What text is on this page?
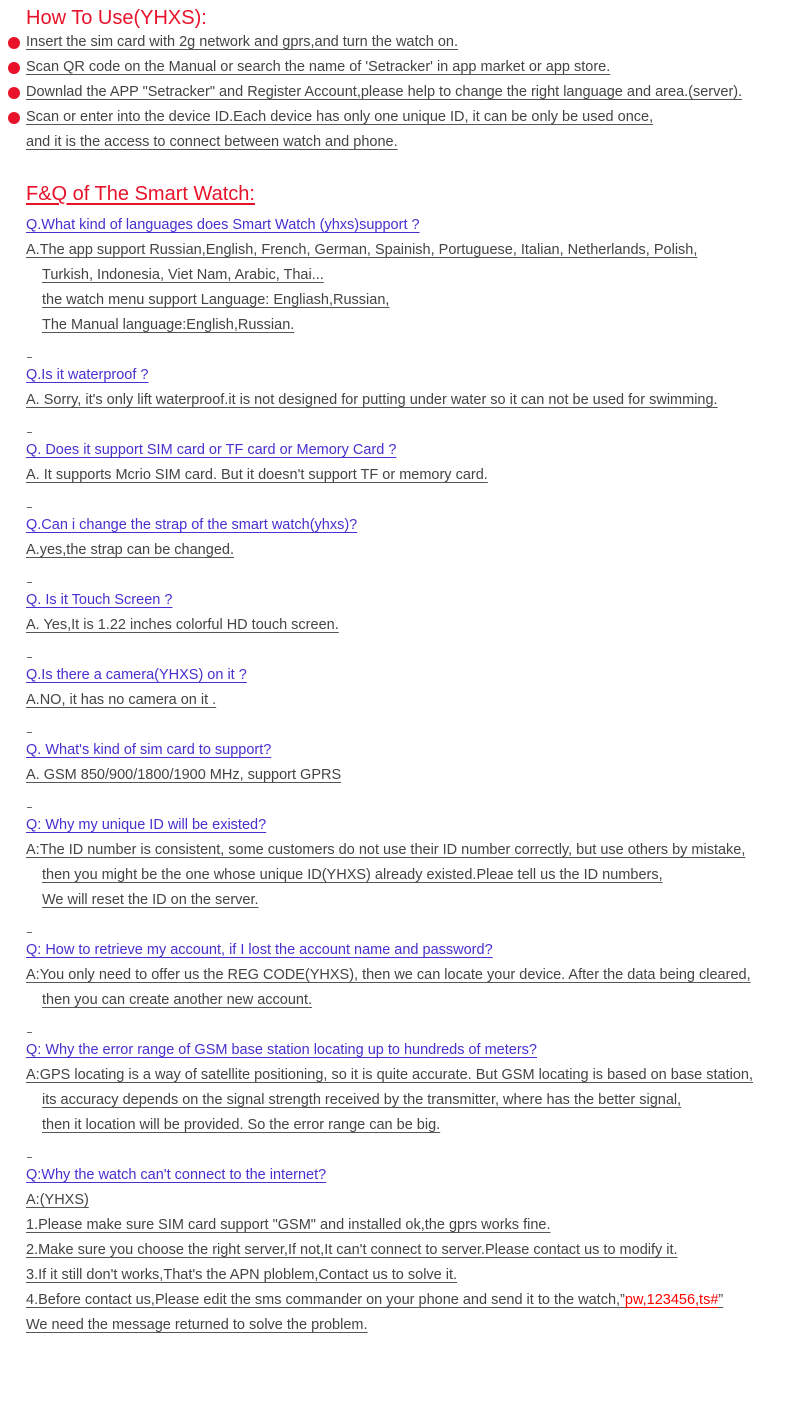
How To Use(YHXS):
Insert the sim card with 2g network and gprs,and turn the watch on.
Scan QR code on the Manual or search the name of 'Setracker' in app market or app store.
Downlad the APP "Setracker" and Register Account,please help to change the right language and area.(server).
Scan or enter into the device ID.Each device has only one unique ID, it can be only be used once,
and it is the access to connect between watch and phone.
F&Q of The Smart Watch:
Q.What kind of languages does Smart Watch (yhxs)support ?
A.The app support Russian,English, French, German, Spainish, Portuguese, Italian, Netherlands, Polish,
Turkish, Indonesia, Viet Nam, Arabic, Thai...
the watch menu support Language: Engliash,Russian,
The Manual language:English,Russian.
Q.Is it waterproof ?
A. Sorry, it's only lift waterproof.it is not designed for putting under water so it can not be used for swimming.
Q. Does it support SIM card or TF card or Memory Card ?
A. It supports Mcrio SIM card. But it doesn't support TF or memory card.
Q.Can i change the strap of the smart watch(yhxs)?
A.yes,the strap can be changed.
Q. Is it Touch Screen ?
A. Yes,It is 1.22 inches colorful HD touch screen.
Q.Is there a camera(YHXS) on it ?
A.NO, it has no camera on it .
Q. What's kind of sim card to support?
A. GSM 850/900/1800/1900 MHz, support GPRS
Q: Why my unique ID will be existed?
A:The ID number is consistent, some customers do not use their ID number correctly, but use others by mistake,
then you might be the one whose unique ID(YHXS) already existed.Pleae tell us the ID numbers,
We will reset the ID on the server.
Q: How to retrieve my account, if I lost the account name and password?
A:You only need to offer us the REG CODE(YHXS), then we can locate your device. After the data being cleared,
then you can create another new account.
Q: Why the error range of GSM base station locating up to hundreds of meters?
A:GPS locating is a way of satellite positioning, so it is quite accurate. But GSM locating is based on base station,
its accuracy depends on the signal strength received by the transmitter, where has the better signal,
then it location will be provided. So the error range can be big.
Q:Why the watch can't connect to the internet?
A:(YHXS)
1.Please make sure SIM card support "GSM" and installed ok,the gprs works fine.
2.Make sure you choose the right server,If not,It can't connect to server.Please contact us to modify it.
3.If it still don't works,That's the APN ploblem,Contact us to solve it.
4.Before contact us,Please edit the sms commander on your phone and send it to the watch,”pw,123456,ts#”
We need the message returned to solve the problem.
